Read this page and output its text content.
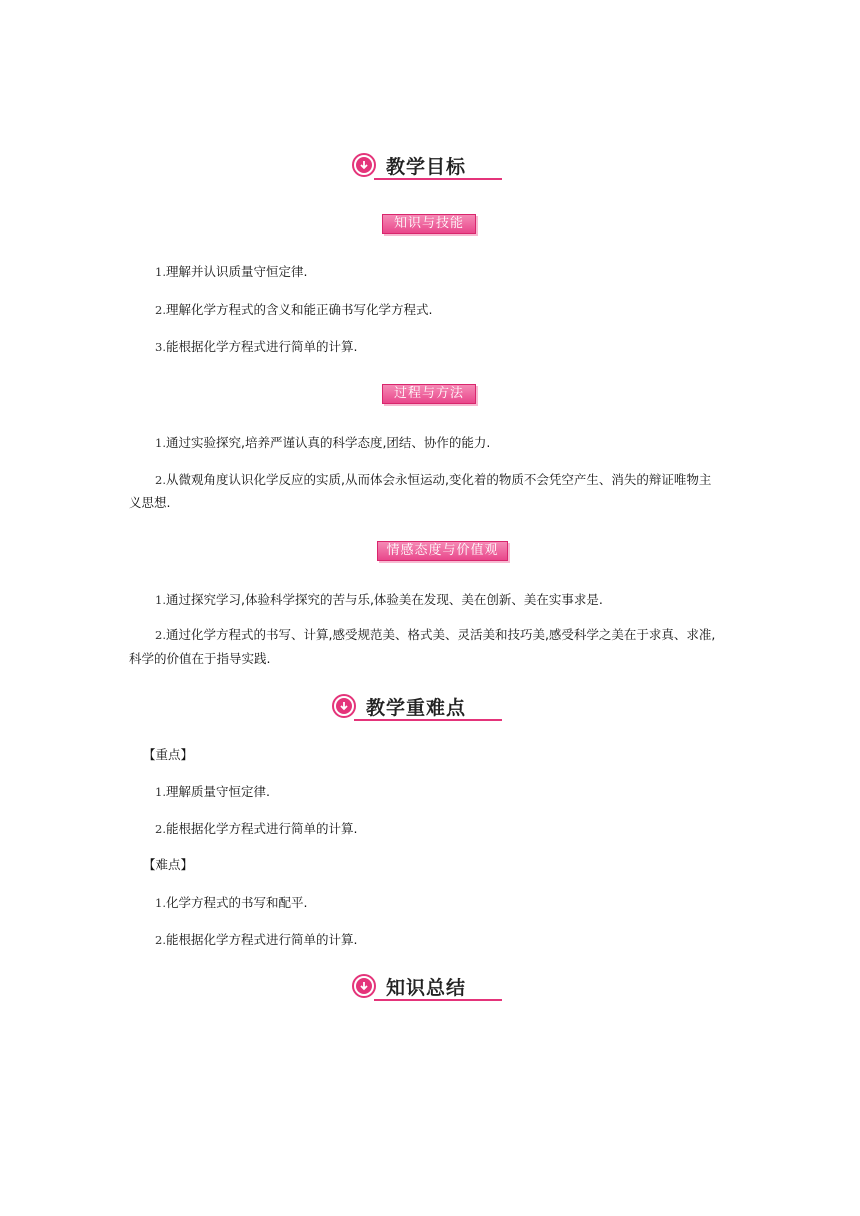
教学目标
知识与技能
1.理解并认识质量守恒定律.
2.理解化学方程式的含义和能正确书写化学方程式.
3.能根据化学方程式进行简单的计算.
过程与方法
1.通过实验探究,培养严谨认真的科学态度,团结、协作的能力.
2.从微观角度认识化学反应的实质,从而体会永恒运动,变化着的物质不会凭空产生、消失的辩证唯物主
义思想.
情感态度与价值观
1.通过探究学习,体验科学探究的苦与乐,体验美在发现、美在创新、美在实事求是.
2.通过化学方程式的书写、计算,感受规范美、格式美、灵活美和技巧美,感受科学之美在于求真、求准,
科学的价值在于指导实践.
教学重难点
【重点】
1.理解质量守恒定律.
2.能根据化学方程式进行简单的计算.
【难点】
1.化学方程式的书写和配平.
2.能根据化学方程式进行简单的计算.
知识总结
